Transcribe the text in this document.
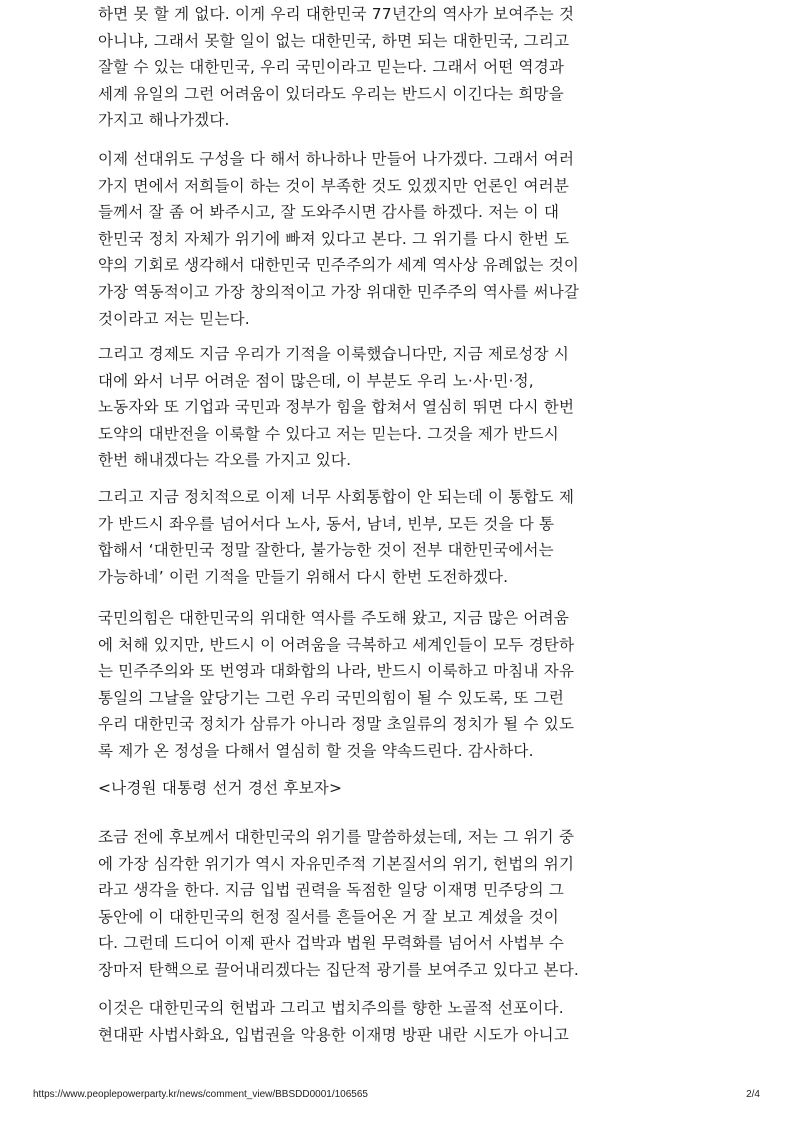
하면 못 할 게 없다. 이게 우리 대한민국 77년간의 역사가 보여주는 것
아니냐, 그래서 못할 일이 없는 대한민국, 하면 되는 대한민국, 그리고
잘할 수 있는 대한민국, 우리 국민이라고 믿는다. 그래서 어떤 역경과
세계 유일의 그런 어려움이 있더라도 우리는 반드시 이긴다는 희망을
가지고 해나가겠다.
이제 선대위도 구성을 다 해서 하나하나 만들어 나가겠다. 그래서 여러
가지 면에서 저희들이 하는 것이 부족한 것도 있겠지만 언론인 여러분
들께서 잘 좀 어 봐주시고, 잘 도와주시면 감사를 하겠다. 저는 이 대
한민국 정치 자체가 위기에 빠져 있다고 본다. 그 위기를 다시 한번 도
약의 기회로 생각해서 대한민국 민주주의가 세계 역사상 유례없는 것이
가장 역동적이고 가장 창의적이고 가장 위대한 민주주의 역사를 써나갈
것이라고 저는 믿는다.
그리고 경제도 지금 우리가 기적을 이룩했습니다만, 지금 제로성장 시
대에 와서 너무 어려운 점이 많은데, 이 부분도 우리 노·사·민·정,
노동자와 또 기업과 국민과 정부가 힘을 합쳐서 열심히 뛰면 다시 한번
도약의 대반전을 이룩할 수 있다고 저는 믿는다. 그것을 제가 반드시
한번 해내겠다는 각오를 가지고 있다.
그리고 지금 정치적으로 이제 너무 사회통합이 안 되는데 이 통합도 제
가 반드시 좌우를 넘어서다 노사, 동서, 남녀, 빈부, 모든 것을 다 통
합해서 ‘대한민국 정말 잘한다, 불가능한 것이 전부 대한민국에서는
가능하네’ 이런 기적을 만들기 위해서 다시 한번 도전하겠다.
국민의힘은 대한민국의 위대한 역사를 주도해 왔고, 지금 많은 어려움
에 처해 있지만, 반드시 이 어려움을 극복하고 세계인들이 모두 경탄하
는 민주주의와 또 번영과 대화합의 나라, 반드시 이룩하고 마침내 자유
통일의 그날을 앞당기는 그런 우리 국민의힘이 될 수 있도록, 또 그런
우리 대한민국 정치가 삼류가 아니라 정말 초일류의 정치가 될 수 있도
록 제가 온 정성을 다해서 열심히 할 것을 약속드린다. 감사하다.
<나경원 대통령 선거 경선 후보자>
조금 전에 후보께서 대한민국의 위기를 말씀하셨는데, 저는 그 위기 중
에 가장 심각한 위기가 역시 자유민주적 기본질서의 위기, 헌법의 위기
라고 생각을 한다. 지금 입법 권력을 독점한 일당 이재명 민주당의 그
동안에 이 대한민국의 헌정 질서를 흔들어온 거 잘 보고 계셨을 것이
다. 그런데 드디어 이제 판사 겁박과 법원 무력화를 넘어서 사법부 수
장마저 탄핵으로 끌어내리겠다는 집단적 광기를 보여주고 있다고 본다.
이것은 대한민국의 헌법과 그리고 법치주의를 향한 노골적 선포이다.
현대판 사법사화요, 입법권을 악용한 이재명 방판 내란 시도가 아니고
https://www.peoplepowerparty.kr/news/comment_view/BBSDD0001/106565	2/4
